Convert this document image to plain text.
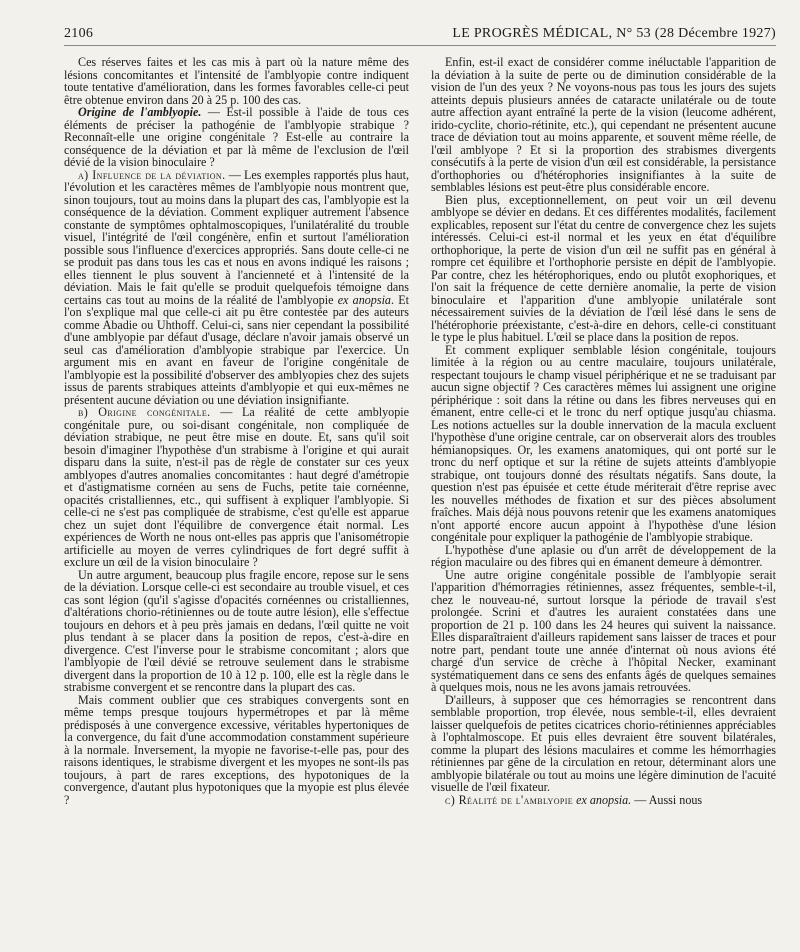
2106	LE PROGRÈS MÉDICAL, N° 53 (28 Décembre 1927)

Ces réserves faites et les cas mis à part où la nature même des lésions concomitantes et l'intensité de l'amblyopie contre indiquent toute tentative d'amélioration, dans les formes favorables celle-ci peut être obtenue environ dans 20 à 25 p. 100 des cas.

Origine de l'amblyopie. — Est-il possible à l'aide de tous ces éléments de préciser la pathogénie de l'amblyopie strabique ? Reconnaît-elle une origine congénitale ? Est-elle au contraire la conséquence de la déviation et par là même de l'exclusion de l'œil dévié de la vision binoculaire ?

a) Influence de la déviation. — Les exemples rapportés plus haut, l'évolution et les caractères mêmes de l'amblyopie nous montrent que, sinon toujours, tout au moins dans la plupart des cas, l'amblyopie est la conséquence de la déviation. Comment expliquer autrement l'absence constante de symptômes ophtalmoscopiques, l'unilatéralité du trouble visuel, l'intégrité de l'œil congénère, enfin et surtout l'amélioration possible sous l'influence d'exercices appropriés. Sans doute celle-ci ne se produit pas dans tous les cas et nous en avons indiqué les raisons ; elles tiennent le plus souvent à l'ancienneté et à l'intensité de la déviation. Mais le fait qu'elle se produit quelquefois témoigne dans certains cas tout au moins de la réalité de l'amblyopie ex anopsia. Et l'on s'explique mal que celle-ci ait pu être contestée par des auteurs comme Abadie ou Uhthoff. Celui-ci, sans nier cependant la possibilité d'une amblyopie par défaut d'usage, déclare n'avoir jamais observé un seul cas d'amélioration d'amblyopie strabique par l'exercice. Un argument mis en avant en faveur de l'origine congénitale de l'amblyopie est la possibilité d'observer des amblyopies chez des sujets issus de parents strabiques atteints d'amblyopie et qui eux-mêmes ne présentent aucune déviation ou une déviation insignifiante.

b) Origine congénitale. — La réalité de cette amblyopie congénitale pure, ou soi-disant congénitale, non compliquée de déviation strabique, ne peut être mise en doute. Et, sans qu'il soit besoin d'imaginer l'hypothèse d'un strabisme à l'origine et qui aurait disparu dans la suite, n'est-il pas de règle de constater sur ces yeux amblyopes d'autres anomalies concomitantes : haut degré d'amétropie et d'astigmatisme cornéen au sens de Fuchs, petite taie cornéenne, opacités cristalliennes, etc., qui suffisent à expliquer l'amblyopie. Si celle-ci ne s'est pas compliquée de strabisme, c'est qu'elle est apparue chez un sujet dont l'équilibre de convergence était normal. Les expériences de Worth ne nous ont-elles pas appris que l'anisométropie artificielle au moyen de verres cylindriques de fort degré suffit à exclure un œil de la vision binoculaire ?

Un autre argument, beaucoup plus fragile encore, repose sur le sens de la déviation. Lorsque celle-ci est secondaire au trouble visuel, et ces cas sont légion (qu'il s'agisse d'opacités cornéennes ou cristalliennes, d'altérations chorio-rétiniennes ou de toute autre lésion), elle s'effectue toujours en dehors et à peu près jamais en dedans, l'œil quitte ne voit plus tendant à se placer dans la position de repos, c'est-à-dire en divergence. C'est l'inverse pour le strabisme concomitant ; alors que l'amblyopie de l'œil dévié se retrouve seulement dans le strabisme divergent dans la proportion de 10 à 12 p. 100, elle est la règle dans le strabisme convergent et se rencontre dans la plupart des cas.

Mais comment oublier que ces strabiques convergents sont en même temps presque toujours hypermétropes et par là même prédisposés à une convergence excessive, véritables hypertoniques de la convergence, du fait d'une accommodation constamment supérieure à la normale. Inversement, la myopie ne favorise-t-elle pas, pour des raisons identiques, le strabisme divergent et les myopes ne sont-ils pas toujours, à part de rares exceptions, des hypotoniques de la convergence, d'autant plus hypotoniques que la myopie est plus élevée ?

Enfin, est-il exact de considérer comme inéluctable l'apparition de la déviation à la suite de perte ou de diminution considérable de la vision de l'un des yeux ? Ne voyons-nous pas tous les jours des sujets atteints depuis plusieurs années de cataracte unilatérale ou de toute autre affection ayant entraîné la perte de la vision (leucome adhérent, irido-cyclite, chorio-rétinite, etc.), qui cependant ne présentent aucune trace de déviation tout au moins apparente, et souvent même réelle, de l'œil amblyope ? Et si la proportion des strabismes divergents consécutifs à la perte de vision d'un œil est considérable, la persistance d'orthophories ou d'hétérophories insignifiantes à la suite de semblables lésions est peut-être plus considérable encore.

Bien plus, exceptionnellement, on peut voir un œil devenu amblyope se dévier en dedans. Et ces différentes modalités, facilement explicables, reposent sur l'état du centre de convergence chez les sujets intéressés. Celui-ci est-il normal et les yeux en état d'équilibre orthophorique, la perte de vision d'un œil ne suffit pas en général à rompre cet équilibre et l'orthophorie persiste en dépit de l'amblyopie. Par contre, chez les hétérophoriques, endo ou plutôt exophoriques, et l'on sait la fréquence de cette dernière anomalie, la perte de vision binoculaire et l'apparition d'une amblyopie unilatérale sont nécessairement suivies de la déviation de l'œil lésé dans le sens de l'hétérophorie préexistante, c'est-à-dire en dehors, celle-ci constituant le type le plus habituel. L'œil se place dans la position de repos.

Et comment expliquer semblable lésion congénitale, toujours limitée à la région ou au centre maculaire, toujours unilatérale, respectant toujours le champ visuel périphérique et ne se traduisant par aucun signe objectif ? Ces caractères mêmes lui assignent une origine périphérique : soit dans la rétine ou dans les fibres nerveuses qui en émanent, entre celle-ci et le tronc du nerf optique jusqu'au chiasma. Les notions actuelles sur la double innervation de la macula excluent l'hypothèse d'une origine centrale, car on observerait alors des troubles hémianopsiques. Or, les examens anatomiques, qui ont porté sur le tronc du nerf optique et sur la rétine de sujets atteints d'amblyopie strabique, ont toujours donné des résultats négatifs. Sans doute, la question n'est pas épuisée et cette étude mériterait d'être reprise avec les nouvelles méthodes de fixation et sur des pièces absolument fraîches. Mais déjà nous pouvons retenir que les examens anatomiques n'ont apporté encore aucun appoint à l'hypothèse d'une lésion congénitale pour expliquer la pathogénie de l'amblyopie strabique.

L'hypothèse d'une aplasie ou d'un arrêt de développement de la région maculaire ou des fibres qui en émanent demeure à démontrer.

Une autre origine congénitale possible de l'amblyopie serait l'apparition d'hémorragies rétiniennes, assez fréquentes, semble-t-il, chez le nouveau-né, surtout lorsque la période de travail s'est prolongée. Scrini et d'autres les auraient constatées dans une proportion de 21 p. 100 dans les 24 heures qui suivent la naissance. Elles disparaîtraient d'ailleurs rapidement sans laisser de traces et pour notre part, pendant toute une année d'internat où nous avions été chargé d'un service de crèche à l'hôpital Necker, examinant systématiquement dans ce sens des enfants âgés de quelques semaines à quelques mois, nous ne les avons jamais retrouvées.

D'ailleurs, à supposer que ces hémorragies se rencontrent dans semblable proportion, trop élevée, nous semble-t-il, elles devraient laisser quelquefois de petites cicatrices chorio-rétiniennes appréciables à l'ophtalmoscope. Et puis elles devraient être souvent bilatérales, comme la plupart des lésions maculaires et comme les hémorrhagies rétiniennes par gêne de la circulation en retour, déterminant alors une amblyopie bilatérale ou tout au moins une légère diminution de l'acuité visuelle de l'œil fixateur.

c) Réalité de l'amblyopie ex anopsia. — Aussi nous
